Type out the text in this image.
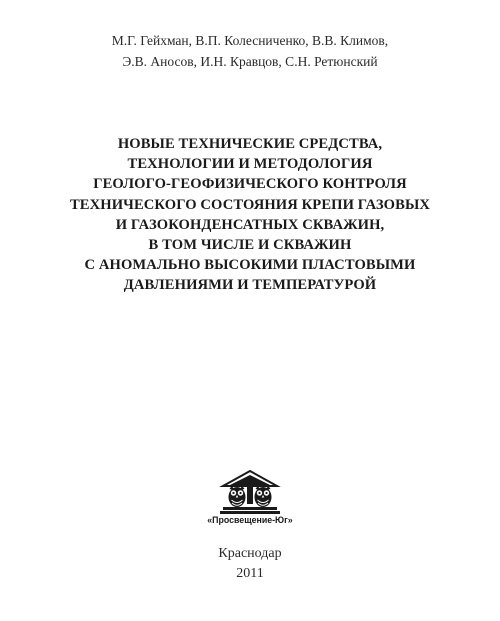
М.Г. Гейхман, В.П. Колесниченко, В.В. Климов,
Э.В. Аносов, И.Н. Кравцов, С.Н. Ретюнский
НОВЫЕ ТЕХНИЧЕСКИЕ СРЕДСТВА,
ТЕХНОЛОГИИ И МЕТОДОЛОГИЯ
ГЕОЛОГО-ГЕОФИЗИЧЕСКОГО КОНТРОЛЯ
ТЕХНИЧЕСКОГО СОСТОЯНИЯ КРЕПИ ГАЗОВЫХ
И ГАЗОКОНДЕНСАТНЫХ СКВАЖИН,
В ТОМ ЧИСЛЕ И СКВАЖИН
С АНОМАЛЬНО ВЫСОКИМИ ПЛАСТОВЫМИ
ДАВЛЕНИЯМИ И ТЕМПЕРАТУРОЙ
«Просвещение-Юг»
Краснодар
2011
